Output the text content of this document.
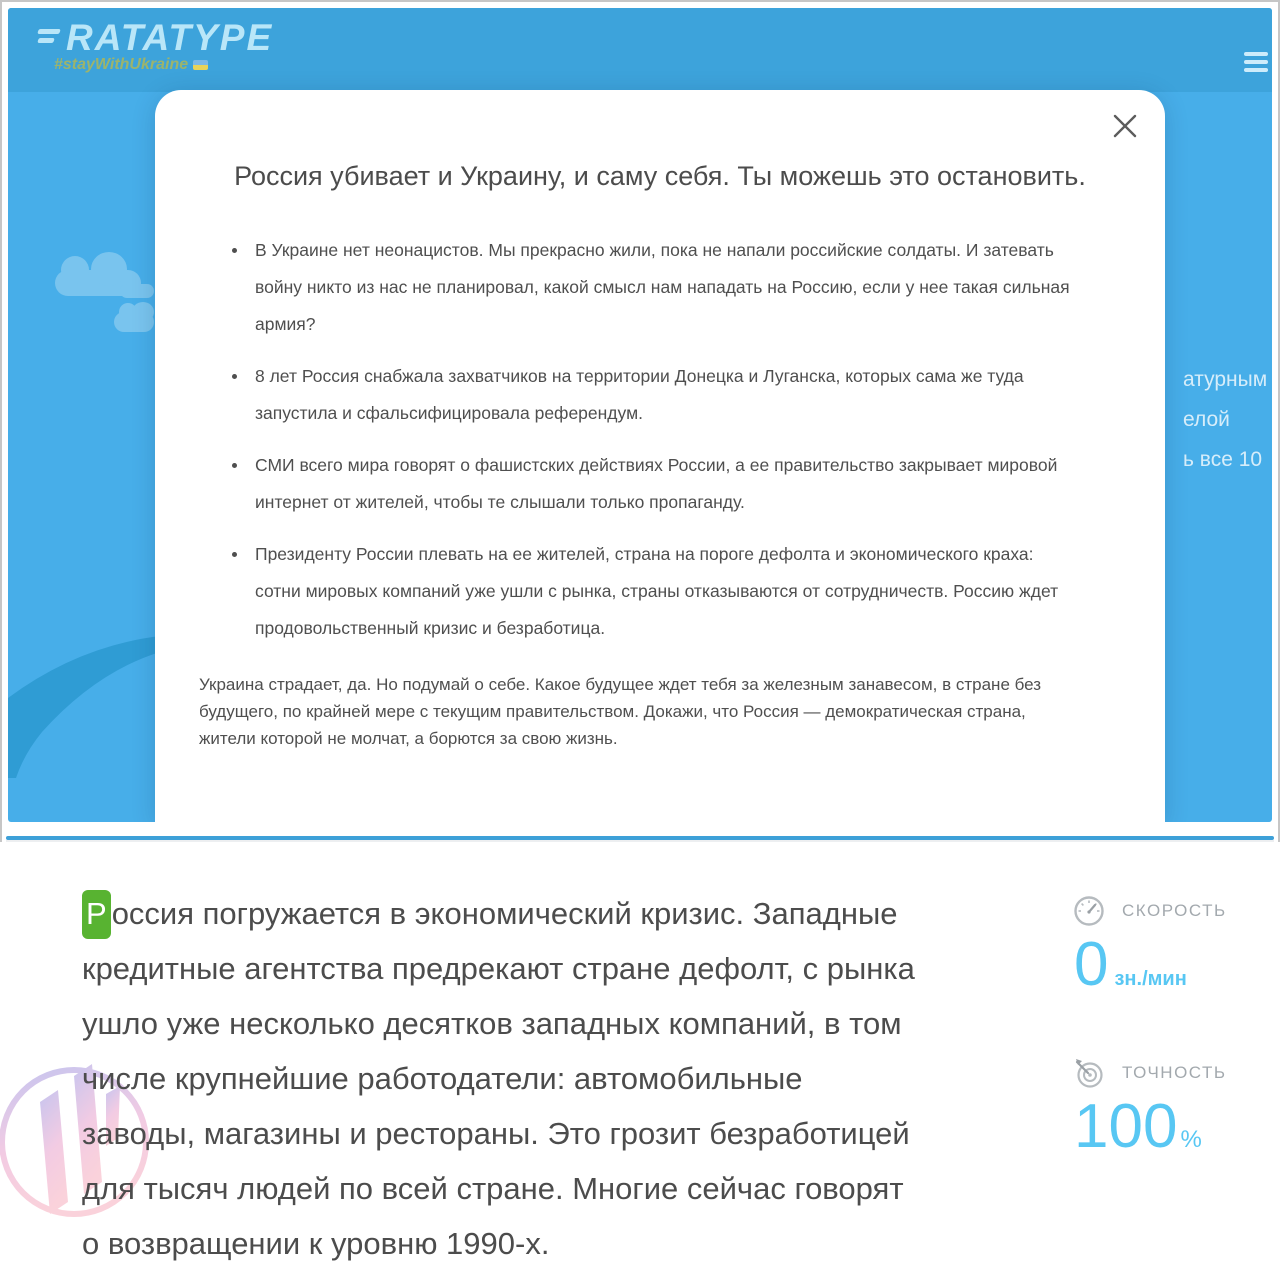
RATATYPE
#stayWithUkraine
атурным
елой
ь все 10
Россия убивает и Украину, и саму себя. Ты можешь это остановить.
В Украине нет неонацистов. Мы прекрасно жили, пока не напали российские солдаты. И затевать войну никто из нас не планировал, какой смысл нам нападать на Россию, если у нее такая сильная армия?
8 лет Россия снабжала захватчиков на территории Донецка и Луганска, которых сама же туда запустила и сфальсифицировала референдум.
СМИ всего мира говорят о фашистских действиях России, а ее правительство закрывает мировой интернет от жителей, чтобы те слышали только пропаганду.
Президенту России плевать на ее жителей, страна на пороге дефолта и экономического краха: сотни мировых компаний уже ушли с рынка, страны отказываются от сотрудничеств. Россию ждет продовольственный кризис и безработица.

Украина страдает, да. Но подумай о себе. Какое будущее ждет тебя за железным занавесом, в стране без будущего, по крайней мере с текущим правительством. Докажи, что Россия — демократическая страна, жители которой не молчат, а борются за свою жизнь.

Р оссия погружается в экономический кризис. Западные
кредитные агентства предрекают стране дефолт, с рынка
ушло уже несколько десятков западных компаний, в том
числе крупнейшие работодатели: автомобильные
заводы, магазины и рестораны. Это грозит безработицей
для тысяч людей по всей стране. Многие сейчас говорят
о возвращении к уровню 1990-х.
СКОРОСТЬ
0 зн./мин
ТОЧНОСТЬ
100 %
